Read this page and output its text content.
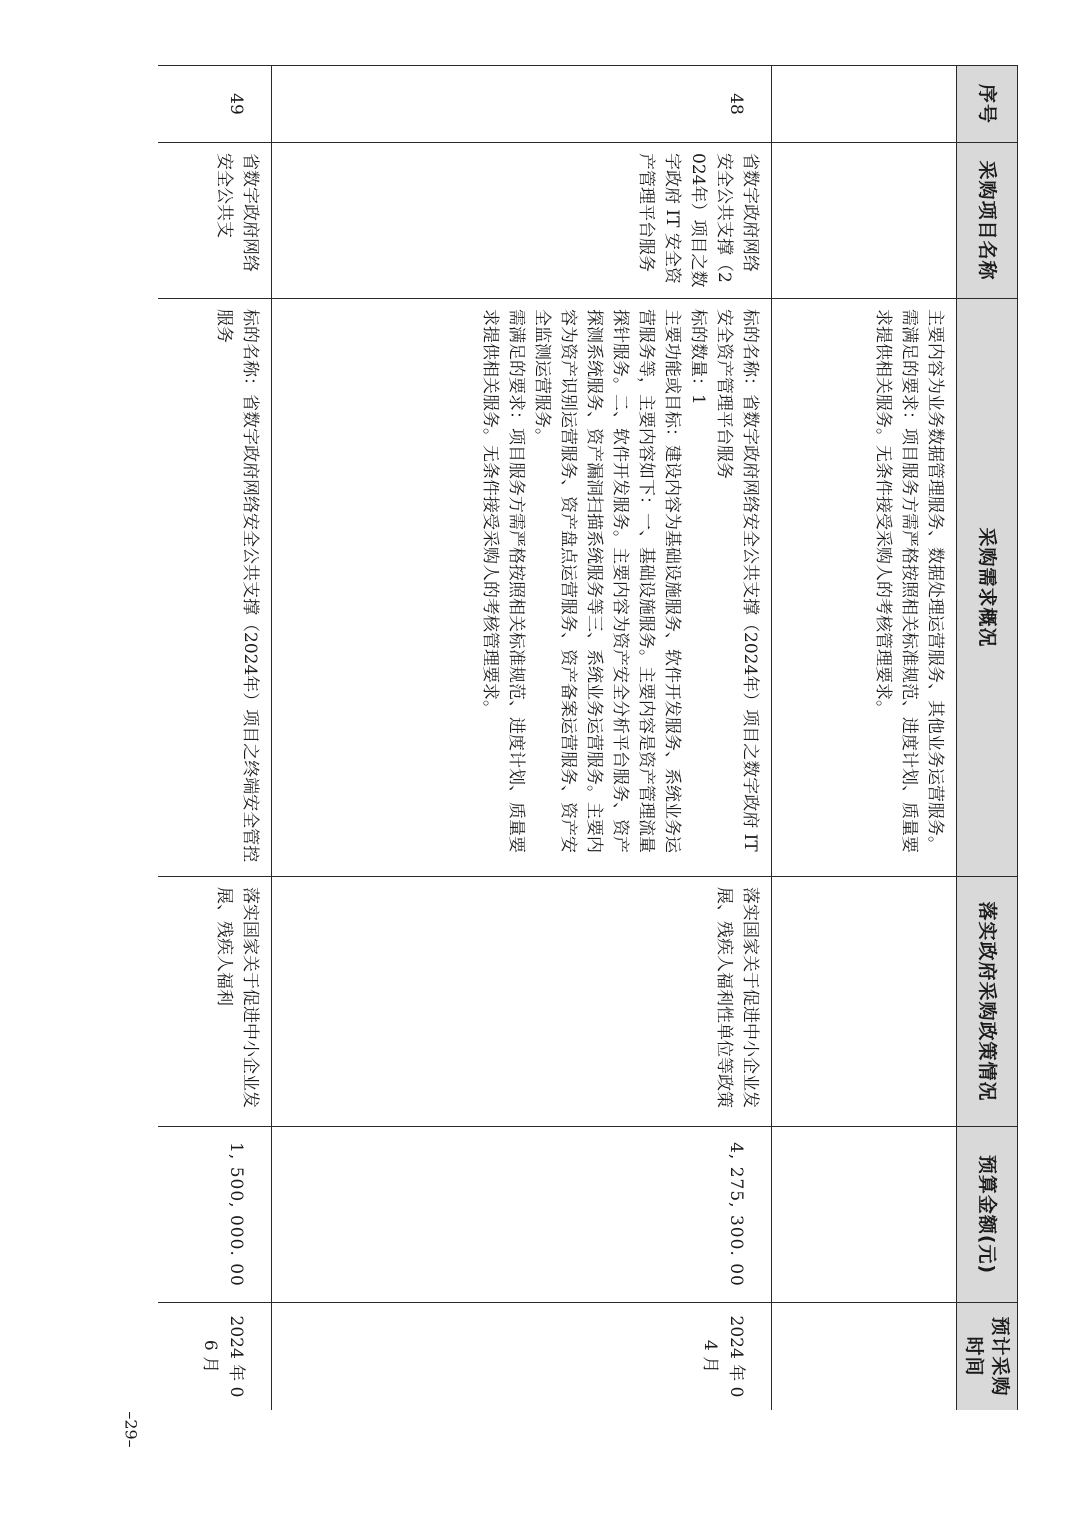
序号	采购项目名称	采购需求概况	落实政府采购政策情况	预算金额(元)	预计采购时间

		主要内容为业务数据管理服务、数据处理运营服务、其他业务运营服务。
需满足的要求：项目服务方需严格按照相关标准规范、进度计划、质量要求提供相关服务。无条件接受采购人的考核管理要求。			

48	省数字政府网络安全公共支撑（2024年）项目之数字政府 IT 安全资产管理平台服务	标的名称：省数字政府网络安全公共支撑（2024年）项目之数字政府 IT 安全资产管理平台服务
标的数量：1
主要功能或目标：建设内容为基础设施服务、软件开发服务、系统业务运营服务等，主要内容如下：一、基础设施服务。主要内容是资产管理流量探针服务。二、软件开发服务。主要内容为资产安全分析平台服务、资产探测系统服务、资产漏洞扫描系统服务等三、系统业务运营服务。主要内容为资产识别运营服务、资产盘点运营服务、资产备案运营服务、资产安全监测运营服务。
需满足的要求：项目服务方需严格按照相关标准规范、进度计划、质量要求提供相关服务。无条件接受采购人的考核管理要求。	落实国家关于促进中小企业发展、残疾人福利性单位等政策	4, 275, 300. 00	2024 年 04 月
49	省数字政府网络安全公共支	标的名称：省数字政府网络安全公共支撑（2024年）项目之终端安全管控服务	落实国家关于促进中小企业发展、残疾人福利	1, 500, 000. 00	2024 年 06 月
–29–
